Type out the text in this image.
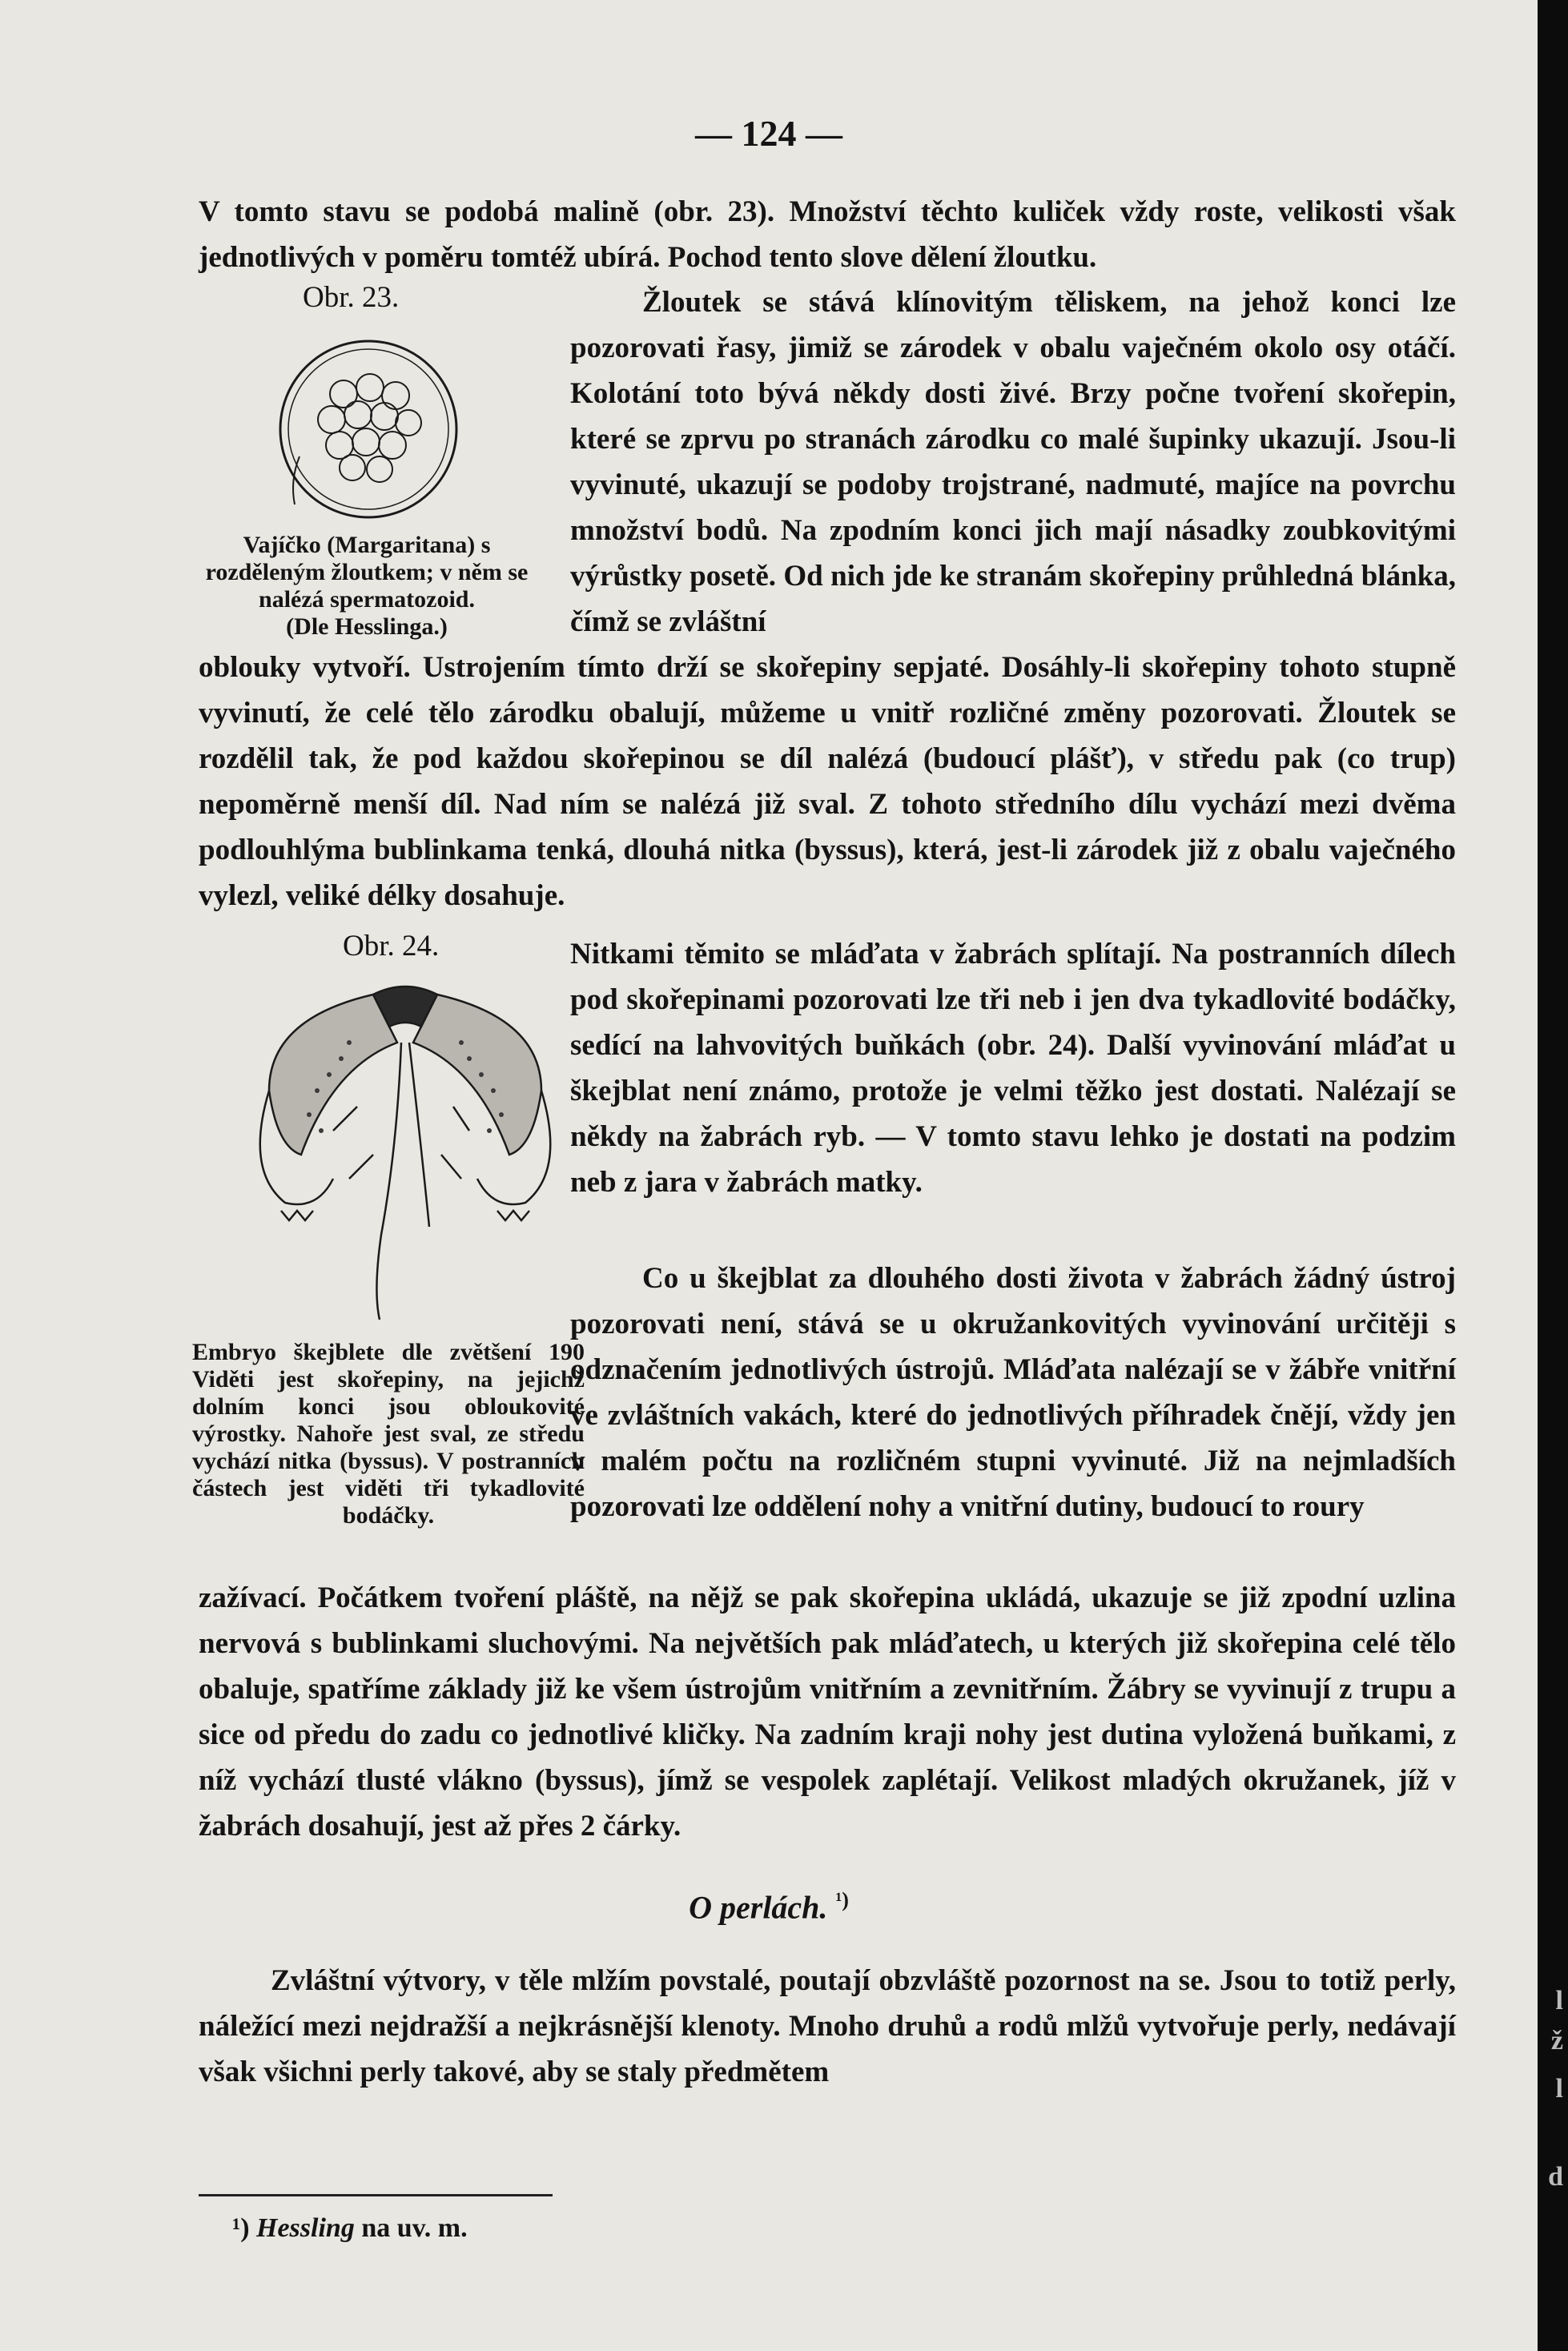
— 124 —

V tomto stavu se podobá malině (obr. 23). Množství těchto kuliček vždy roste, velikosti však jednotlivých v poměru tomtéž ubírá. Pochod tento slove dělení žloutku.

Obr. 23.
Vajíčko (Margaritana) s rozděleným žloutkem; v něm se nalézá spermatozoid.
(Dle Hesslinga.)

Žloutek se stává klínovitým těliskem, na jehož konci lze pozorovati řasy, jimiž se zárodek v obalu vaječném okolo osy otáčí. Kolotání toto bývá někdy dosti živé. Brzy počne tvoření skořepin, které se zprvu po stranách zárodku co malé šupinky ukazují. Jsou-li vyvinuté, ukazují se podoby trojstrané, nadmuté, majíce na povrchu množství bodů. Na zpodním konci jich mají násadky zoubkovitými výrůstky posetě. Od nich jde ke stranám skořepiny průhledná blánka, čímž se zvláštní

oblouky vytvoří. Ustrojením tímto drží se skořepiny sepjaté. Dosáhly-li skořepiny tohoto stupně vyvinutí, že celé tělo zárodku obalují, můžeme u vnitř rozličné změny pozorovati. Žloutek se rozdělil tak, že pod každou skořepinou se díl nalézá (budoucí plášť), v středu pak (co trup) nepoměrně menší díl. Nad ním se nalézá již sval. Z tohoto středního dílu vychází mezi dvěma podlouhlýma bublinkama tenká, dlouhá nitka (byssus), která, jest-li zárodek již z obalu vaječného vylezl, veliké délky dosahuje.

Obr. 24.
Embryo škejblete dle zvětšení 190 Viděti jest skořepiny, na jejichž dolním konci jsou obloukovité výrostky. Nahoře jest sval, ze středu vychází nitka (byssus). V postranních částech jest viděti tři tykadlovité bodáčky.

Nitkami těmito se mláďata v žabrách splítají. Na postranních dílech pod skořepinami pozorovati lze tři neb i jen dva tykadlovité bodáčky, sedící na lahvovitých buňkách (obr. 24). Další vyvinování mláďat u škejblat není známo, protože je velmi těžko jest dostati. Nalézají se někdy na žabrách ryb. — V tomto stavu lehko je dostati na podzim neb z jara v žabrách matky.

Co u škejblat za dlouhého dosti života v žabrách žádný ústroj pozorovati není, stává se u okružankovitých vyvinování určitěji s odznačením jednotlivých ústrojů. Mláďata nalézají se v žábře vnitřní ve zvláštních vakách, které do jednotlivých příhradek čnějí, vždy jen v malém počtu na rozličném stupni vyvinuté. Již na nejmladších pozorovati lze oddělení nohy a vnitřní dutiny, budoucí to roury

zažívací. Počátkem tvoření pláště, na nějž se pak skořepina ukládá, ukazuje se již zpodní uzlina nervová s bublinkami sluchovými. Na největších pak mláďatech, u kterých již skořepina celé tělo obaluje, spatříme základy již ke všem ústrojům vnitřním a zevnitřním. Žábry se vyvinují z trupu a sice od předu do zadu co jednotlivé kličky. Na zadním kraji nohy jest dutina vyložená buňkami, z níž vychází tlusté vlákno (byssus), jímž se vespolek zaplétají. Velikost mladých okružanek, jíž v žabrách dosahují, jest až přes 2 čárky.

O perlách. $^{^1)}$

Zvláštní výtvory, v těle mlžím povstalé, poutají obzvláště pozornost na se. Jsou to totiž perly, náležící mezi nejdražší a nejkrásnější klenoty. Mnoho druhů a rodů mlžů vytvořuje perly, nedávají však všichni perly takové, aby se staly předmětem

¹) Hessling na uv. m.
l
ž
l
d
